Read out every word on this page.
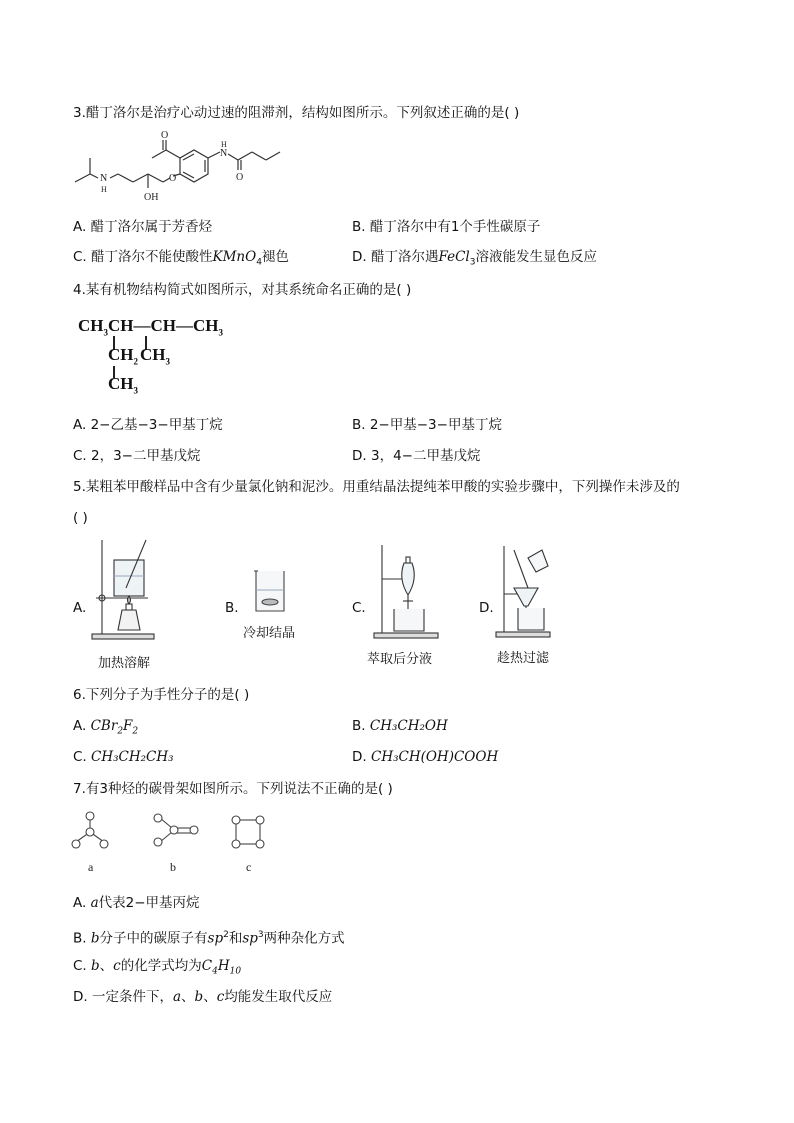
3.醋丁洛尔是治疗心动过速的阻滞剂，结构如图所示。下列叙述正确的是( )
N
H
OH
O
O
N
H
O
A. 醋丁洛尔属于芳香烃	B. 醋丁洛尔中有1个手性碳原子
C. 醋丁洛尔不能使酸性KMnO$_4$褪色	D. 醋丁洛尔遇FeCl$_3$溶液能发生显色反应
4.某有机物结构简式如图所示，对其系统命名正确的是( )
$CH_3CH—CH—CH_3$
$CH_2$ $CH_3$
$CH_3$
A. 2−乙基−3−甲基丁烷	B. 2−甲基−3−甲基丁烷
C. 2，3−二甲基戊烷	D. 3，4−二甲基戊烷
5.某粗苯甲酸样品中含有少量氯化钠和泥沙。用重结晶法提纯苯甲酸的实验步骤中，下列操作未涉及的
( )
A.
加热溶解
B.
冷却结晶
C.
萃取后分液
D.
趁热过滤
6.下列分子为手性分子的是( )
A. $CBr_2F_2$	B. CH₃CH₂OH
C. CH₃CH₂CH₃	D. CH₃CH(OH)COOH
7.有3种烃的碳骨架如图所示。下列说法不正确的是( )
a	b	c
A. a代表2−甲基丙烷
B. b分子中的碳原子有$sp^2$和$sp^3$两种杂化方式
C. b、c的化学式均为$C_4H_{10}$
D. 一定条件下，a、b、c均能发生取代反应
